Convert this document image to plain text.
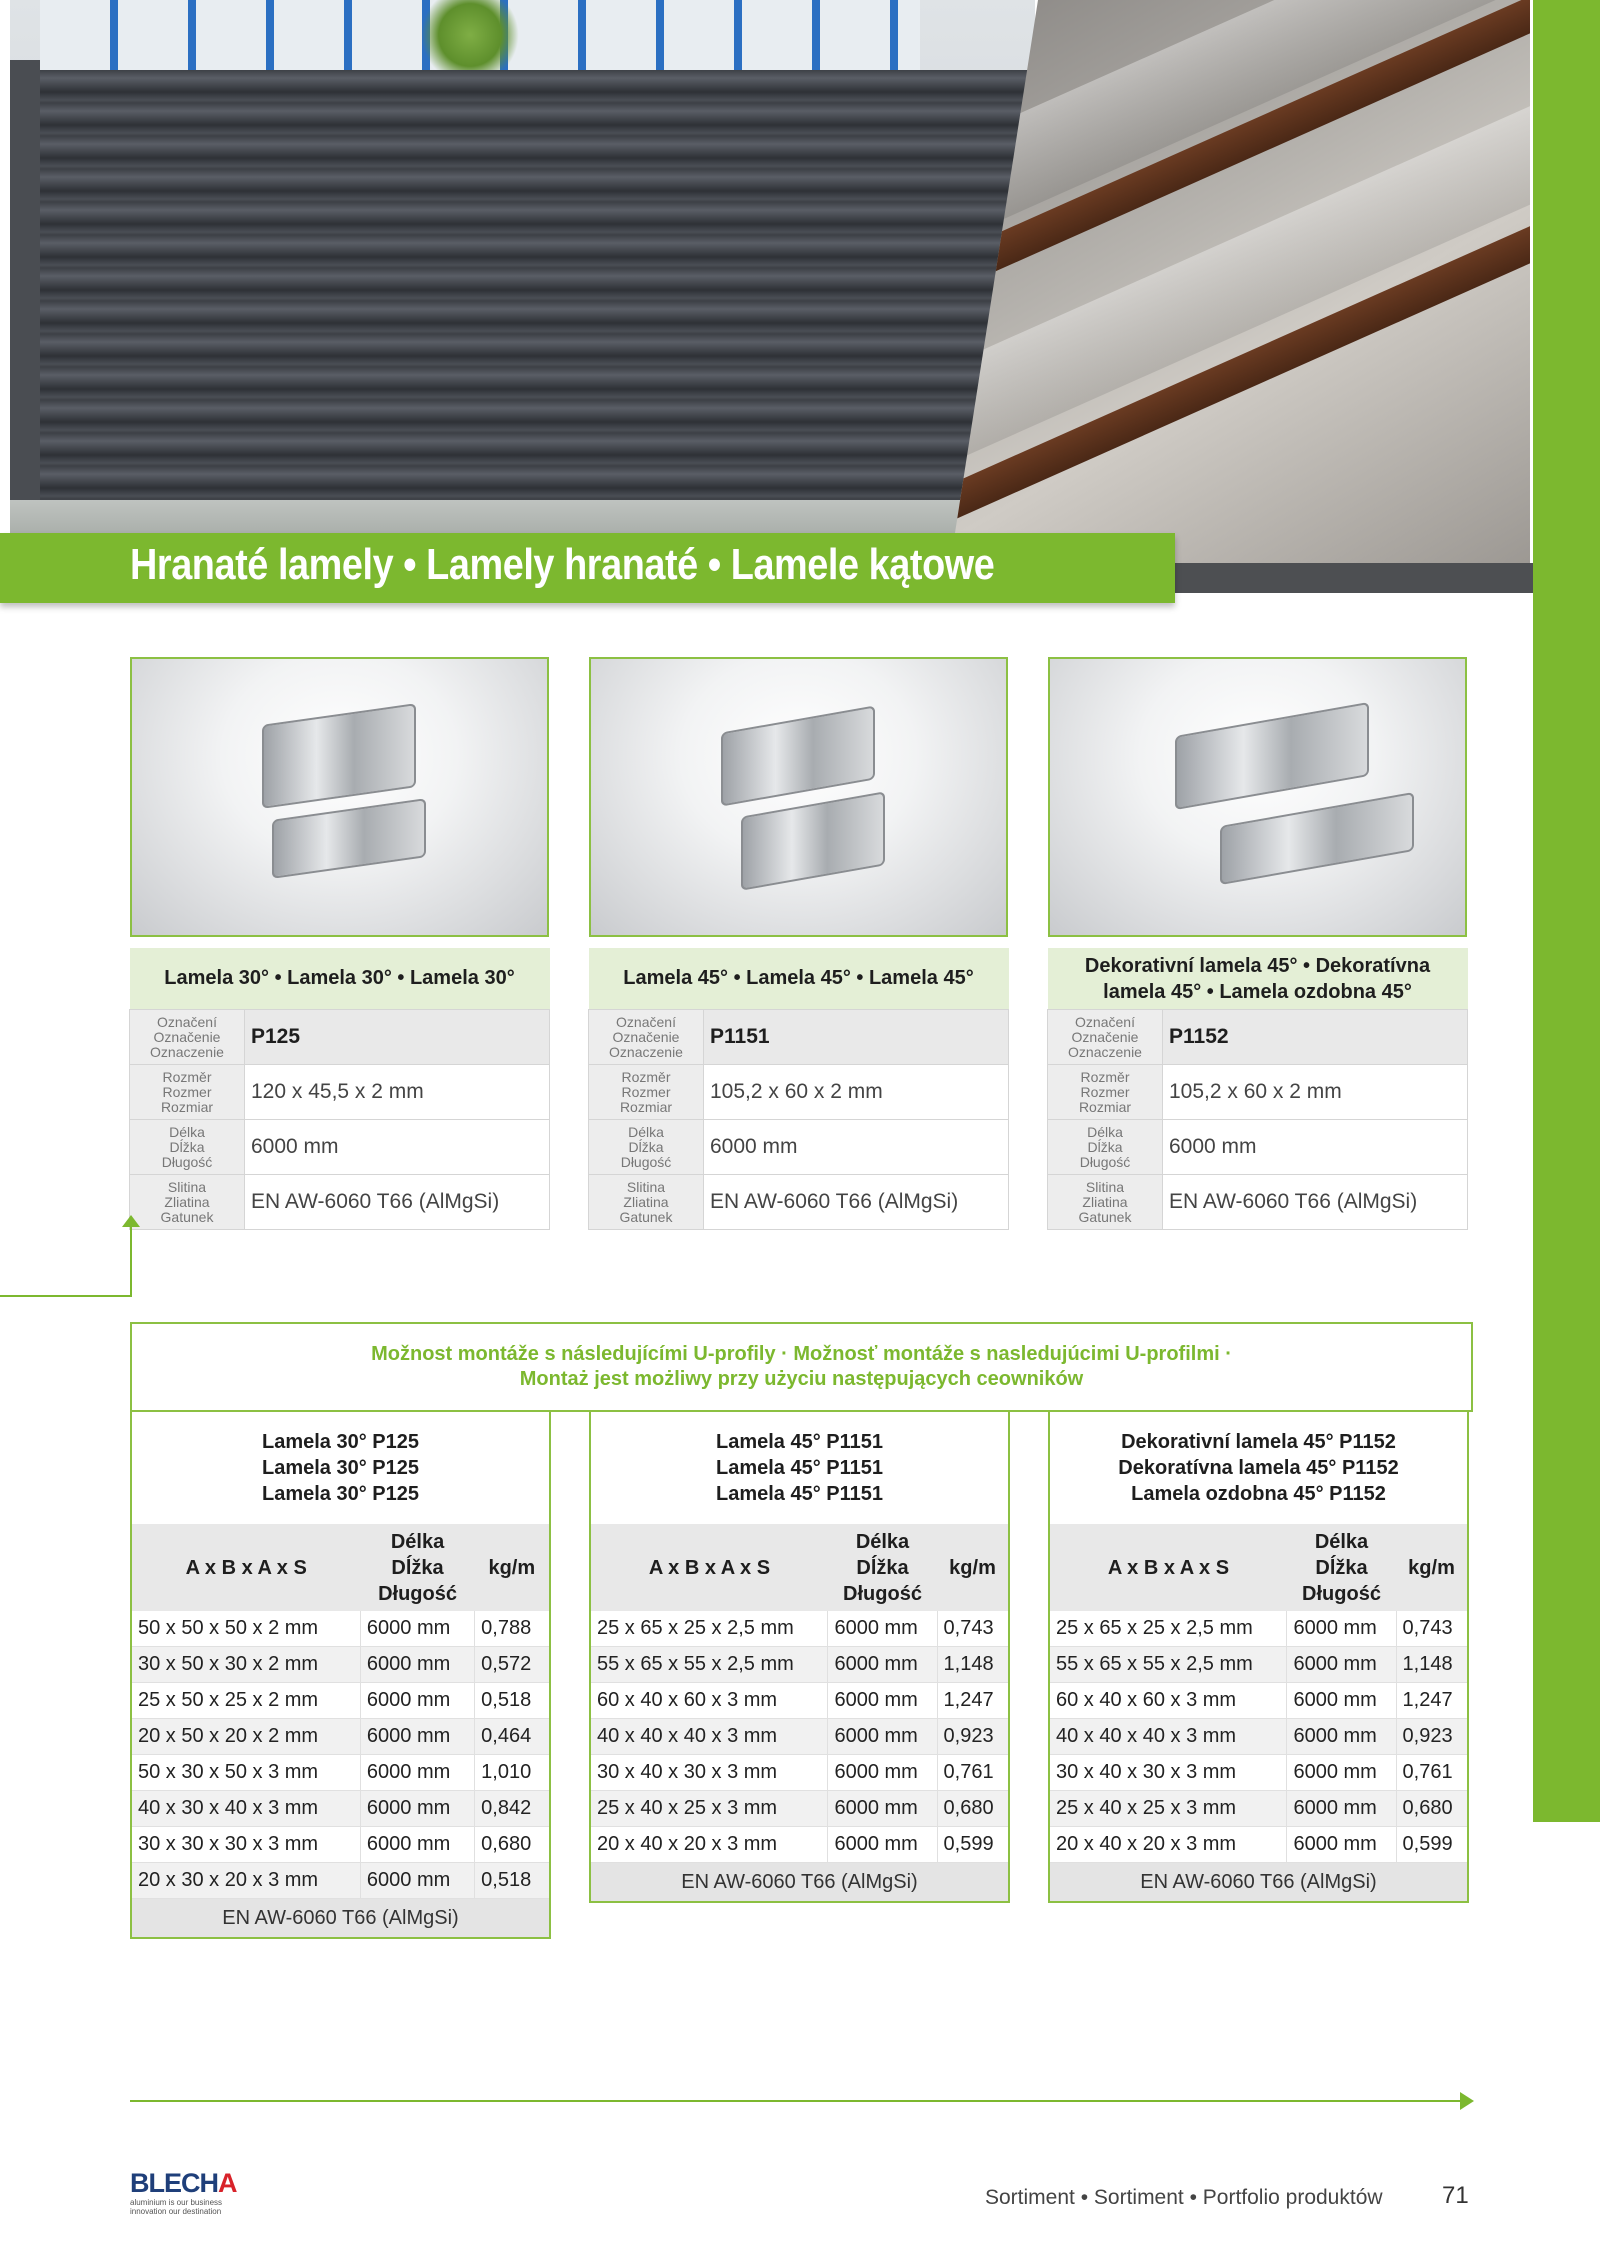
Hranaté lamely • Lamely hranaté • Lamele kątowe
Lamela 30° • Lamela 30° • Lamela 30°	
Označení
Označenie
Oznaczenie	P125
Rozměr
Rozmer
Rozmiar	120 x 45,5 x 2 mm
Délka
Dĺžka
Długość	6000 mm
Slitina
Zliatina
Gatunek	EN AW-6060 T66 (AlMgSi)
Lamela 45° • Lamela 45° • Lamela 45°	
Označení
Označenie
Oznaczenie	P1151
Rozměr
Rozmer
Rozmiar	105,2 x 60 x 2 mm
Délka
Dĺžka
Długość	6000 mm
Slitina
Zliatina
Gatunek	EN AW-6060 T66 (AlMgSi)
Dekorativní lamela 45° • Dekoratívna lamela 45° • Lamela ozdobna 45°	
Označení
Označenie
Oznaczenie	P1152
Rozměr
Rozmer
Rozmiar	105,2 x 60 x 2 mm
Délka
Dĺžka
Długość	6000 mm
Slitina
Zliatina
Gatunek	EN AW-6060 T66 (AlMgSi)
Možnost montáže s následujícími U-profily · Možnosť montáže s nasledujúcimi U-profilmi ·
Montaż jest możliwy przy użyciu następujących ceowników
Lamela 30° P125
Lamela 30° P125
Lamela 30° P125		
A x B x A x S	Délka
Dĺžka
Długość	kg/m
50 x 50 x 50 x 2 mm	6000 mm	0,788
30 x 50 x 30 x 2 mm	6000 mm	0,572
25 x 50 x 25 x 2 mm	6000 mm	0,518
20 x 50 x 20 x 2 mm	6000 mm	0,464
50 x 30 x 50 x 3 mm	6000 mm	1,010
40 x 30 x 40 x 3 mm	6000 mm	0,842
30 x 30 x 30 x 3 mm	6000 mm	0,680
20 x 30 x 20 x 3 mm	6000 mm	0,518
EN AW-6060 T66 (AlMgSi)		
Lamela 45° P1151
Lamela 45° P1151
Lamela 45° P1151		
A x B x A x S	Délka
Dĺžka
Długość	kg/m
25 x 65 x 25 x 2,5 mm	6000 mm	0,743
55 x 65 x 55 x 2,5 mm	6000 mm	1,148
60 x 40 x 60 x 3 mm	6000 mm	1,247
40 x 40 x 40 x 3 mm	6000 mm	0,923
30 x 40 x 30 x 3 mm	6000 mm	0,761
25 x 40 x 25 x 3 mm	6000 mm	0,680
20 x 40 x 20 x 3 mm	6000 mm	0,599
EN AW-6060 T66 (AlMgSi)		
Dekorativní lamela 45° P1152
Dekoratívna lamela 45° P1152
Lamela ozdobna 45° P1152		
A x B x A x S	Délka
Dĺžka
Długość	kg/m
25 x 65 x 25 x 2,5 mm	6000 mm	0,743
55 x 65 x 55 x 2,5 mm	6000 mm	1,148
60 x 40 x 60 x 3 mm	6000 mm	1,247
40 x 40 x 40 x 3 mm	6000 mm	0,923
30 x 40 x 30 x 3 mm	6000 mm	0,761
25 x 40 x 25 x 3 mm	6000 mm	0,680
20 x 40 x 20 x 3 mm	6000 mm	0,599
EN AW-6060 T66 (AlMgSi)		
BLECHA
aluminium is our business
innovation our destination
Sortiment • Sortiment • Portfolio produktów 71
